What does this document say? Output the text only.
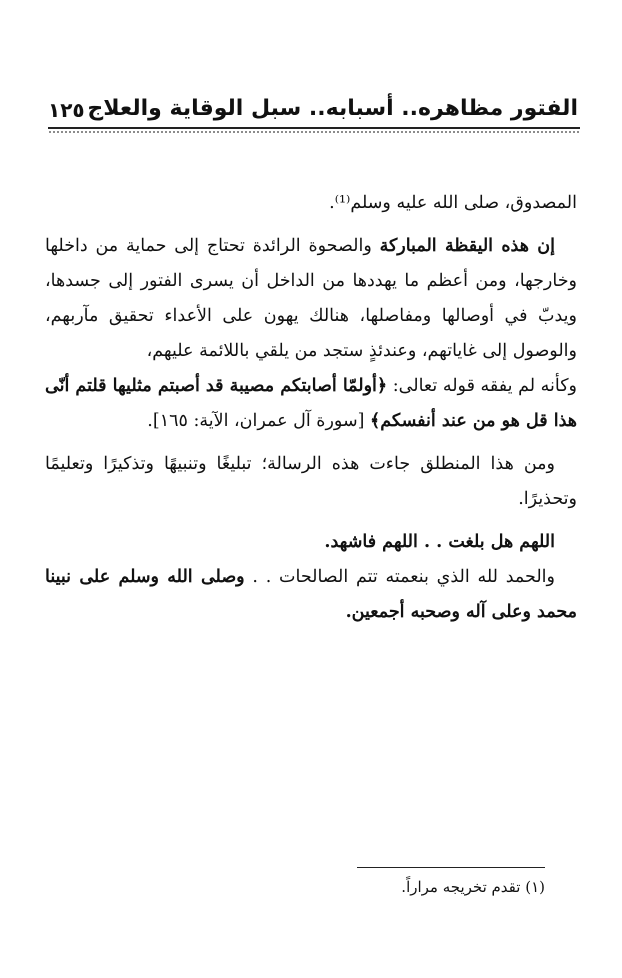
١٢٥ الفتور مظاهره.. أسبابه.. سبل الوقاية والعلاج

المصدوق، صلى الله عليه وسلم⁽¹⁾.

إن هذه اليقظة المباركة والصحوة الرائدة تحتاج إلى حماية من داخلها وخارجها، ومن أعظم ما يهددها من الداخل أن يسرى الفتور إلى جسدها، ويدبّ في أوصالها ومفاصلها، هنالك يهون على الأعداء تحقيق مآربهم، والوصول إلى غاياتهم، وعندئذٍ ستجد من يلقي باللائمة عليهم،

وكأنه لم يفقه قوله تعالى: ﴿أولمّا أصابتكم مصيبة قد أصبتم مثليها قلتم أنّى هذا قل هو من عند أنفسكم﴾ [سورة آل عمران، الآية: ١٦٥].

ومن هذا المنطلق جاءت هذه الرسالة؛ تبليغًا وتنبيهًا وتذكيرًا وتعليمًا وتحذيرًا.

اللهم هل بلغت . . اللهم فاشهد.

والحمد لله الذي بنعمته تتم الصالحات . . وصلى الله وسلم على نبينا محمد وعلى آله وصحبه أجمعين.

(١) تقدم تخريجه مراراً.
